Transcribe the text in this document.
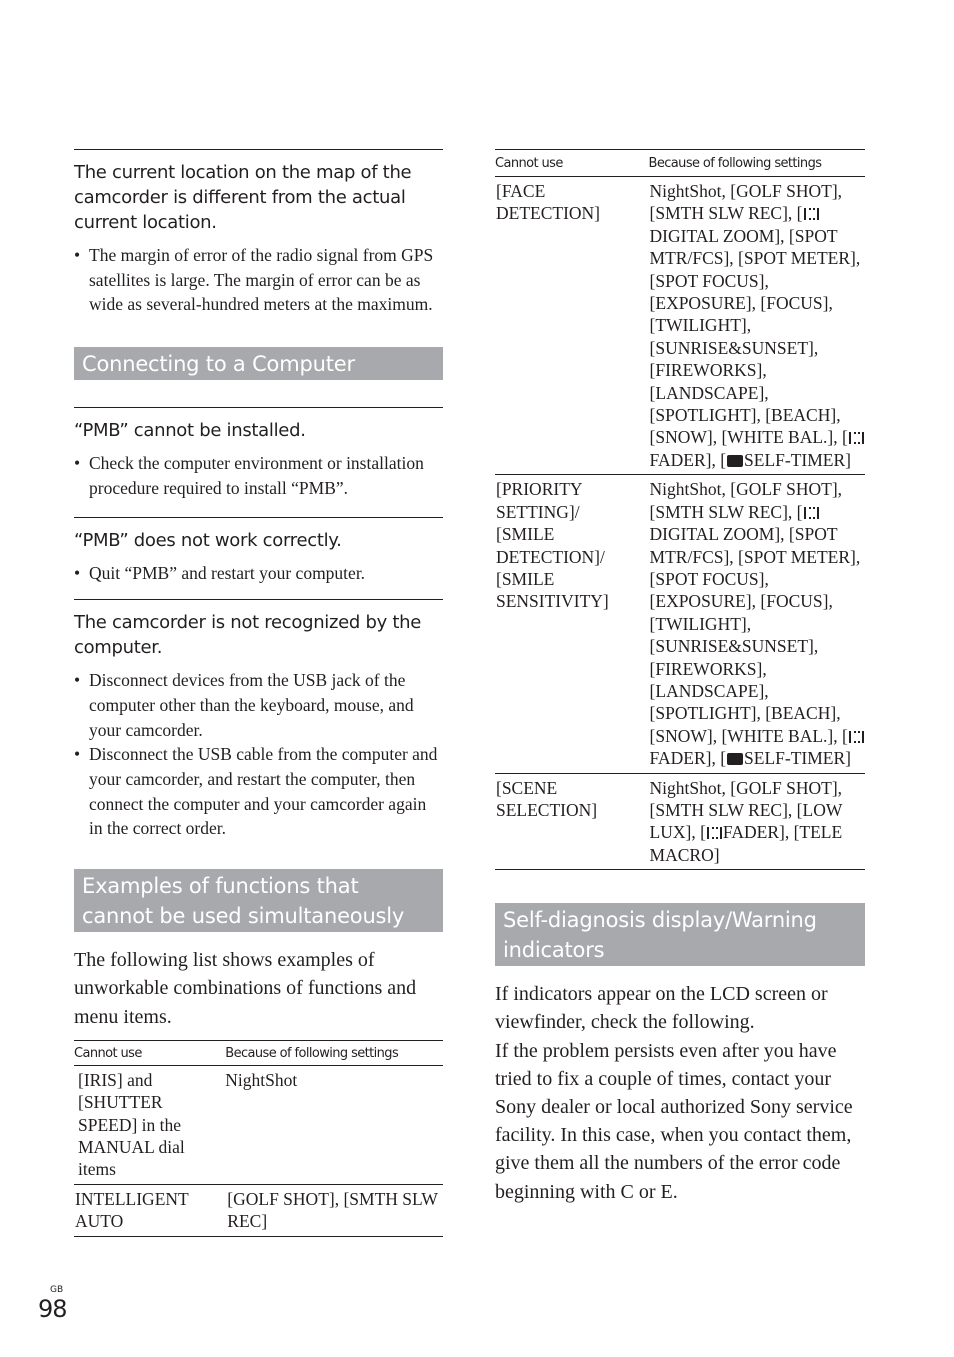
The current location on the map of the camcorder is different from the actual current location.

• The margin of error of the radio signal from GPS satellites is large. The margin of error can be as wide as several-hundred meters at the maximum.
Connecting to a Computer

“PMB” cannot be installed.

• Check the computer environment or installation procedure required to install “PMB”.

“PMB” does not work correctly.

• Quit “PMB” and restart your computer.

The camcorder is not recognized by the computer.

• Disconnect devices from the USB jack of the computer other than the keyboard, mouse, and your camcorder.
• Disconnect the USB cable from the computer and your camcorder, and restart the computer, then connect the computer and your camcorder again in the correct order.
Examples of functions that cannot be used simultaneously

The following list shows examples of unworkable combinations of functions and menu items.

Cannot use	Because of following settings
[IRIS] and [SHUTTER SPEED] in the MANUAL dial items	NightShot
INTELLIGENT AUTO	[GOLF SHOT], [SMTH SLW REC]
Cannot use	Because of following settings
[FACE DETECTION]	NightShot, [GOLF SHOT], [SMTH SLW REC], [DIGITAL ZOOM], [SPOT MTR/FCS], [SPOT METER], [SPOT FOCUS], [EXPOSURE], [FOCUS], [TWILIGHT], [SUNRISE&SUNSET], [FIREWORKS], [LANDSCAPE], [SPOTLIGHT], [BEACH], [SNOW], [WHITE BAL.], [FADER], [ SELF-TIMER]
[PRIORITY SETTING]/ [SMILE DETECTION]/ [SMILE SENSITIVITY]	NightShot, [GOLF SHOT], [SMTH SLW REC], [DIGITAL ZOOM], [SPOT MTR/FCS], [SPOT METER], [SPOT FOCUS], [EXPOSURE], [FOCUS], [TWILIGHT], [SUNRISE&SUNSET], [FIREWORKS], [LANDSCAPE], [SPOTLIGHT], [BEACH], [SNOW], [WHITE BAL.], [FADER], [ SELF-TIMER]
[SCENE SELECTION]	NightShot, [GOLF SHOT], [SMTH SLW REC], [LOW LUX], [ FADER], [TELE MACRO]
Self-diagnosis display/Warning indicators

If indicators appear on the LCD screen or viewfinder, check the following.

If the problem persists even after you have tried to fix a couple of times, contact your Sony dealer or local authorized Sony service facility. In this case, when you contact them, give them all the numbers of the error code beginning with C or E.

GB
98
